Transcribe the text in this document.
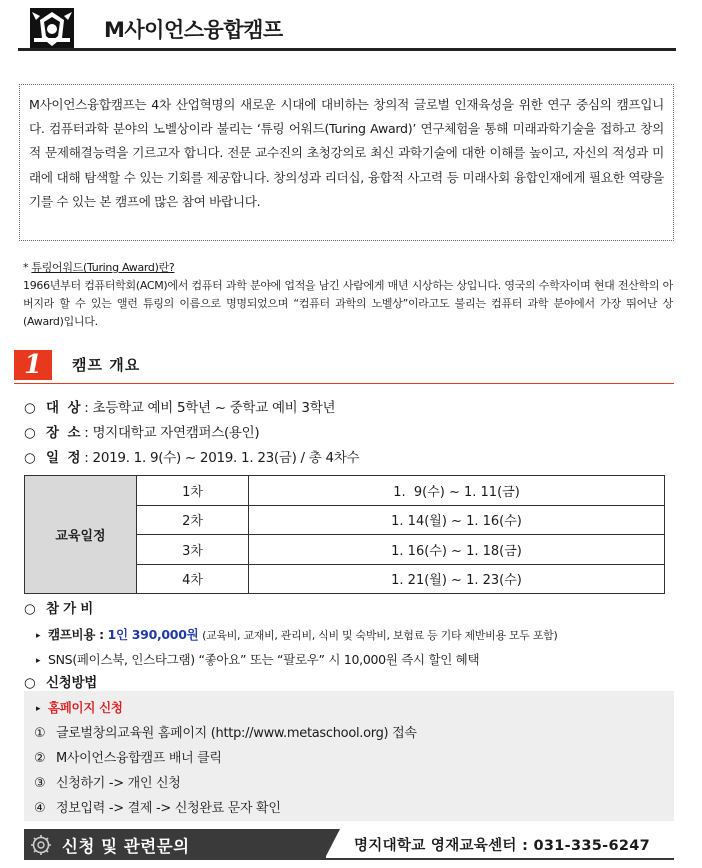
M사이언스융합캠프
M사이언스융합캠프는 4차 산업혁명의 새로운 시대에 대비하는 창의적 글로벌 인재육성을 위한 연구 중심의 캠프입니다. 컴퓨터과학 분야의 노벨상이라 불리는 ‘튜링 어워드(Turing Award)’ 연구체험을 통해 미래과학기술을 접하고 창의적 문제해결능력을 기르고자 합니다. 전문 교수진의 초청강의로 최신 과학기술에 대한 이해를 높이고, 자신의 적성과 미래에 대해 탐색할 수 있는 기회를 제공합니다. 창의성과 리더십, 융합적 사고력 등 미래사회 융합인재에게 필요한 역량을 기를 수 있는 본 캠프에 많은 참여 바랍니다.
* 튜링어워드(Turing Award)란?
1966년부터 컴퓨터학회(ACM)에서 컴퓨터 과학 분야에 업적을 남긴 사람에게 매년 시상하는 상입니다. 영국의 수학자이며 현대 전산학의 아버지라 할 수 있는 앨런 튜링의 이름으로 명명되었으며 “컴퓨터 과학의 노벨상”이라고도 불리는 컴퓨터 과학 분야에서 가장 뛰어난 상(Award)입니다.
1	캠프 개요
○ 대  상 : 초등학교 예비 5학년 ~ 중학교 예비 3학년
○ 장  소 : 명지대학교 자연캠퍼스(용인)
○ 일  정 : 2019. 1. 9(수) ~ 2019. 1. 23(금) / 총 4차수
교육일정	1차	1.  9(수) ~ 1. 11(금)
	2차	1. 14(월) ~ 1. 16(수)
	3차	1. 16(수) ~ 1. 18(금)
	4차	1. 21(월) ~ 1. 23(수)
○ 참 가 비
▸ 캠프비용 : 1인 390,000원 (교육비, 교재비, 관리비, 식비 및 숙박비, 보험료 등 기타 제반비용 모두 포함)
▸ SNS(페이스북, 인스타그램) “좋아요” 또는 “팔로우” 시 10,000원 즉시 할인 혜택
○ 신청방법
▸ 홈페이지 신청
① 글로벌창의교육원 홈페이지 (http://www.metaschool.org) 접속
② M사이언스융합캠프 배너 클릭
③ 신청하기 -> 개인 신청
④ 정보입력 -> 결제 -> 신청완료 문자 확인
신청 및 관련문의	명지대학교 영재교육센터 : 031-335-6247
